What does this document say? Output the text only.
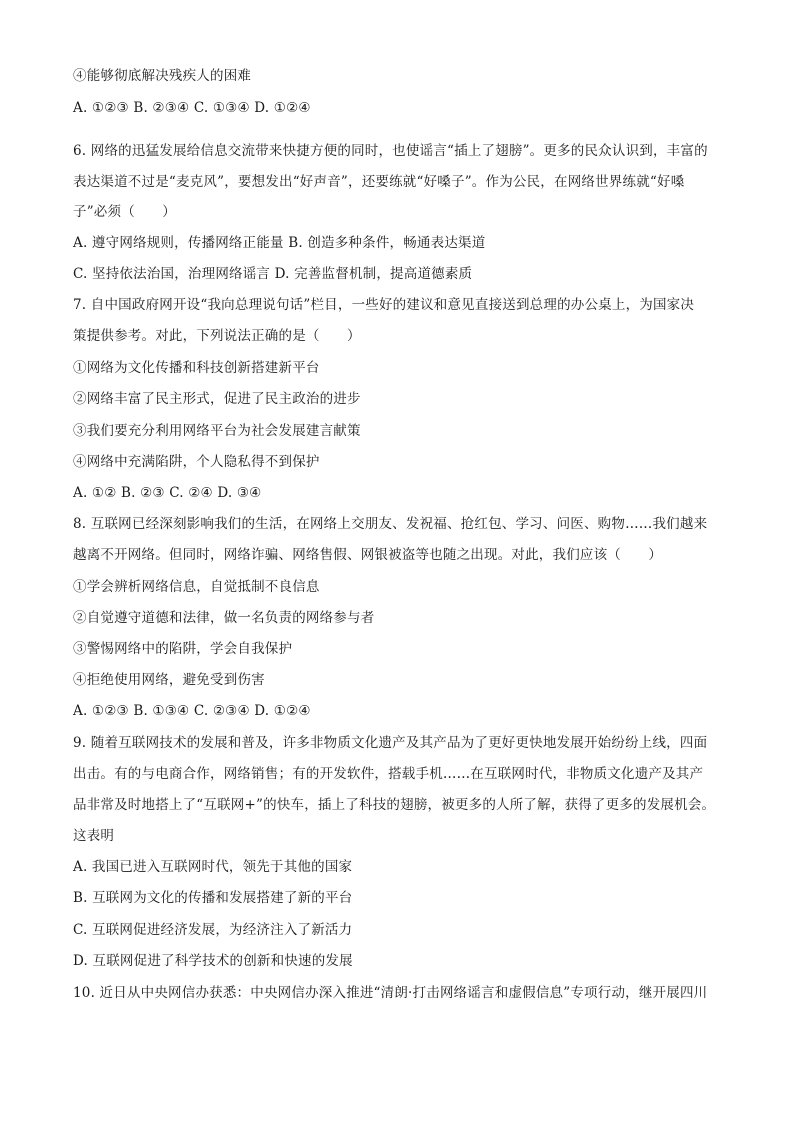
④能够彻底解决残疾人的困难
A. ①②③ B. ②③④ C. ①③④ D. ①②④
6. 网络的迅猛发展给信息交流带来快捷方便的同时，也使谣言“插上了翅膀”。更多的民众认识到，丰富的
表达渠道不过是“麦克风”，要想发出“好声音”，还要练就“好嗓子”。作为公民，在网络世界练就“好嗓
子”必须（　　）
A. 遵守网络规则，传播网络正能量 B. 创造多种条件，畅通表达渠道
C. 坚持依法治国，治理网络谣言 D. 完善监督机制，提高道德素质
7. 自中国政府网开设“我向总理说句话”栏目，一些好的建议和意见直接送到总理的办公桌上，为国家决
策提供参考。对此，下列说法正确的是（　　）
①网络为文化传播和科技创新搭建新平台
②网络丰富了民主形式，促进了民主政治的进步
③我们要充分利用网络平台为社会发展建言献策
④网络中充满陷阱，个人隐私得不到保护
A. ①② B. ②③ C. ②④ D. ③④
8. 互联网已经深刻影响我们的生活，在网络上交朋友、发祝福、抢红包、学习、问医、购物……我们越来
越离不开网络。但同时，网络诈骗、网络售假、网银被盗等也随之出现。对此，我们应该（　　）
①学会辨析网络信息，自觉抵制不良信息
②自觉遵守道德和法律，做一名负责的网络参与者
③警惕网络中的陷阱，学会自我保护
④拒绝使用网络，避免受到伤害
A. ①②③ B. ①③④ C. ②③④ D. ①②④
9. 随着互联网技术的发展和普及，许多非物质文化遗产及其产品为了更好更快地发展开始纷纷上线，四面
出击。有的与电商合作，网络销售；有的开发软件，搭载手机……在互联网时代，非物质文化遗产及其产
品非常及时地搭上了“互联网+”的快车，插上了科技的翅膀，被更多的人所了解，获得了更多的发展机会。
这表明
A. 我国已进入互联网时代，领先于其他的国家
B. 互联网为文化的传播和发展搭建了新的平台
C. 互联网促进经济发展，为经济注入了新活力
D. 互联网促进了科学技术的创新和快速的发展
10. 近日从中央网信办获悉：中央网信办深入推进“清朗·打击网络谣言和虚假信息”专项行动，继开展四川
